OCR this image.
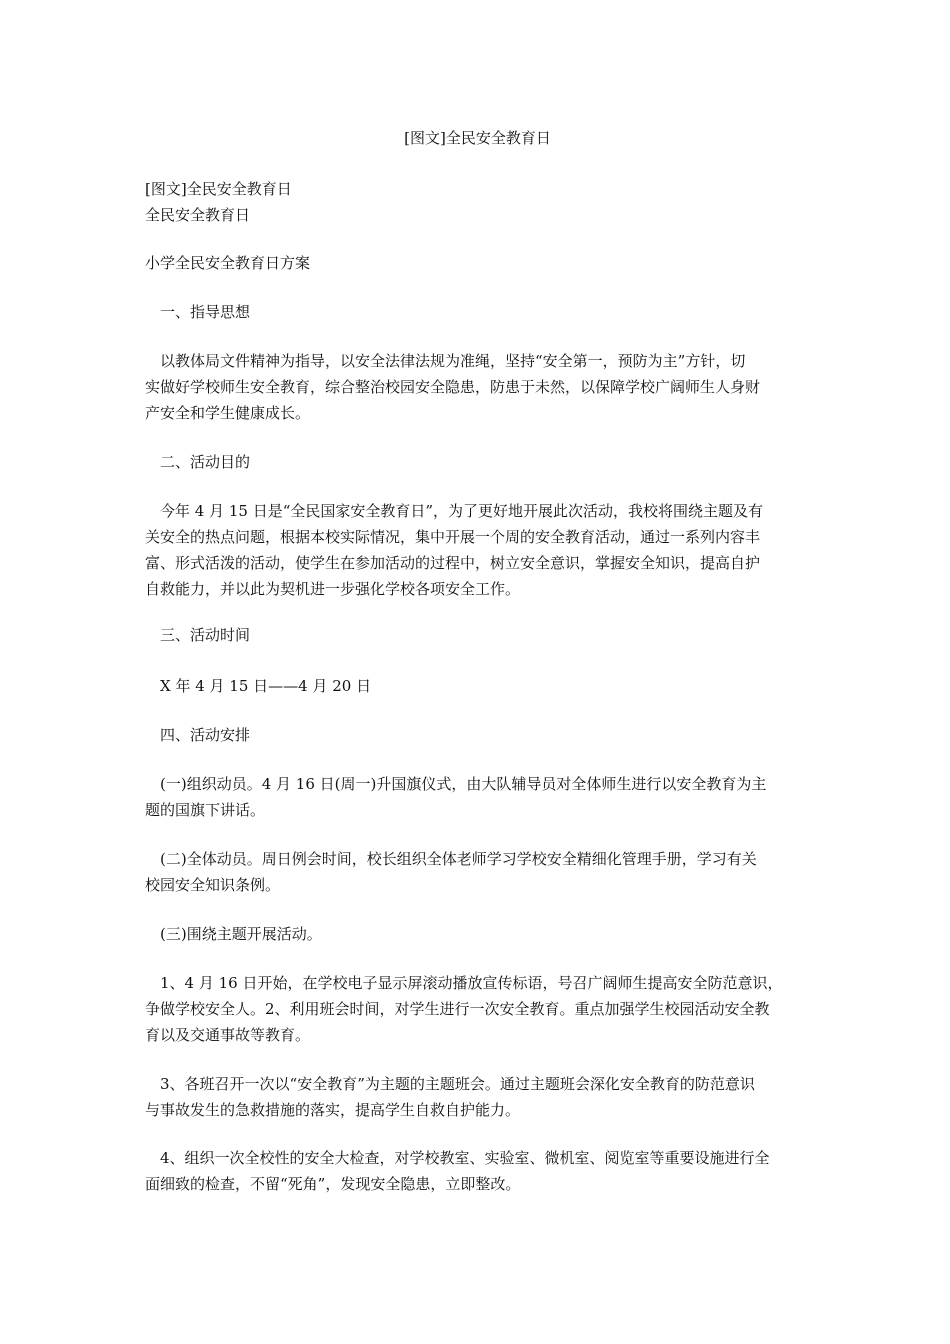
[图文]全民安全教育日
[图文]全民安全教育日
全民安全教育日
小学全民安全教育日方案
一、指导思想
以教体局文件精神为指导，以安全法律法规为准绳，坚持“安全第一，预防为主”方针，切
实做好学校师生安全教育，综合整治校园安全隐患，防患于未然，以保障学校广阔师生人身财
产安全和学生健康成长。
二、活动目的
今年 4 月 15 日是“全民国家安全教育日”，为了更好地开展此次活动，我校将围绕主题及有
关安全的热点问题，根据本校实际情况，集中开展一个周的安全教育活动，通过一系列内容丰
富、形式活泼的活动，使学生在参加活动的过程中，树立安全意识，掌握安全知识，提高自护
自救能力，并以此为契机进一步强化学校各项安全工作。
三、活动时间
X 年 4 月 15 日——4 月 20 日
四、活动安排
(一)组织动员。4 月 16 日(周一)升国旗仪式，由大队辅导员对全体师生进行以安全教育为主
题的国旗下讲话。
(二)全体动员。周日例会时间，校长组织全体老师学习学校安全精细化管理手册，学习有关
校园安全知识条例。
(三)围绕主题开展活动。
1、4 月 16 日开始，在学校电子显示屏滚动播放宣传标语，号召广阔师生提高安全防范意识，
争做学校安全人。2、利用班会时间，对学生进行一次安全教育。重点加强学生校园活动安全教
育以及交通事故等教育。
3、各班召开一次以“安全教育”为主题的主题班会。通过主题班会深化安全教育的防范意识
与事故发生的急救措施的落实，提高学生自救自护能力。
4、组织一次全校性的安全大检查，对学校教室、实验室、微机室、阅览室等重要设施进行全
面细致的检查，不留“死角”，发现安全隐患，立即整改。
